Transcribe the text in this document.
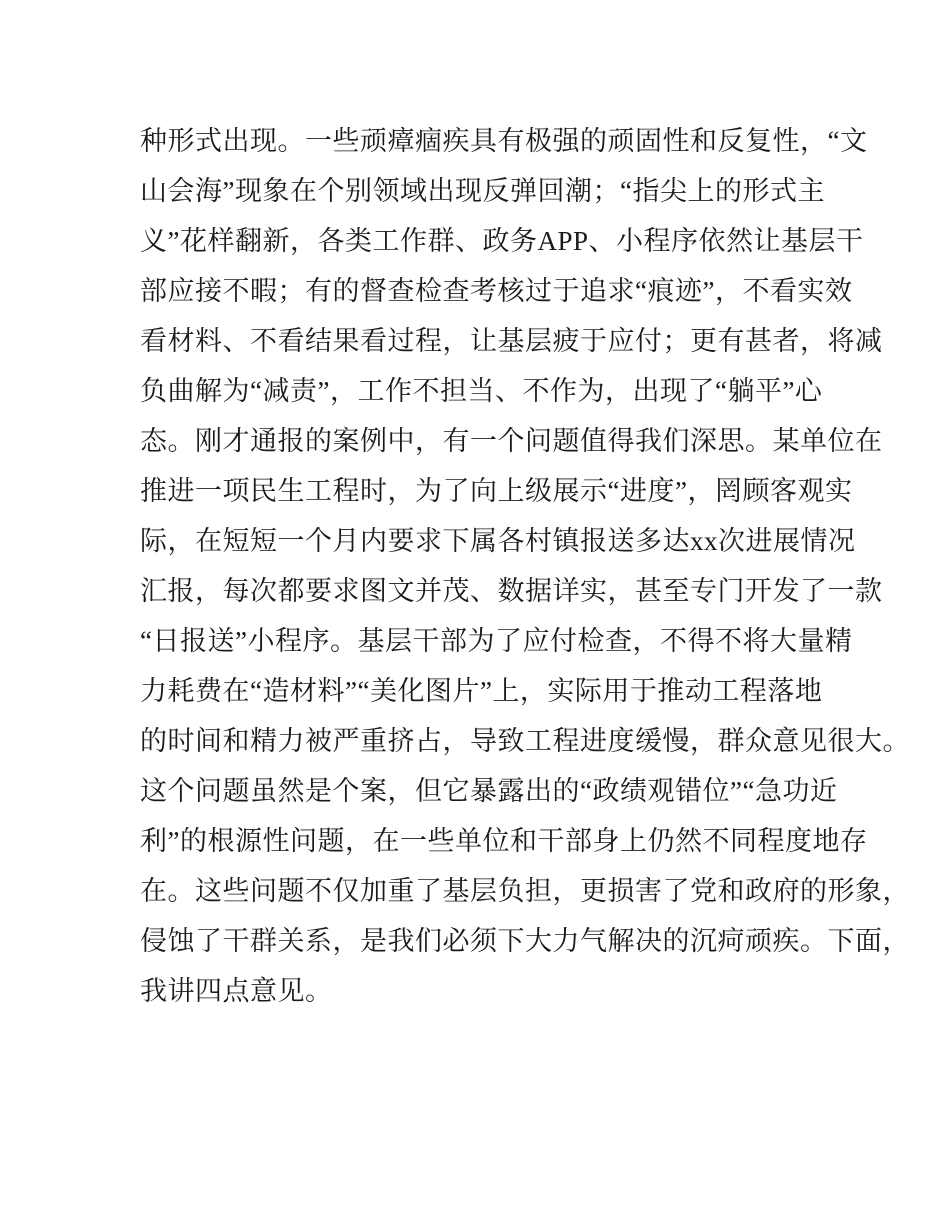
种形式出现。一些顽瘴痼疾具有极强的顽固性和反复性，“文

山会海”现象在个别领域出现反弹回潮；“指尖上的形式主

义”花样翻新，各类工作群、政务APP、小程序依然让基层干

部应接不暇；有的督查检查考核过于追求“痕迹”，不看实效

看材料、不看结果看过程，让基层疲于应付；更有甚者，将减

负曲解为“减责”，工作不担当、不作为，出现了“躺平”心

态。刚才通报的案例中，有一个问题值得我们深思。某单位在

推进一项民生工程时，为了向上级展示“进度”，罔顾客观实

际，在短短一个月内要求下属各村镇报送多达xx次进展情况

汇报，每次都要求图文并茂、数据详实，甚至专门开发了一款

“日报送”小程序。基层干部为了应付检查，不得不将大量精

力耗费在“造材料”“美化图片”上，实际用于推动工程落地

的时间和精力被严重挤占，导致工程进度缓慢，群众意见很大。

这个问题虽然是个案，但它暴露出的“政绩观错位”“急功近

利”的根源性问题，在一些单位和干部身上仍然不同程度地存

在。这些问题不仅加重了基层负担，更损害了党和政府的形象，

侵蚀了干群关系，是我们必须下大力气解决的沉疴顽疾。下面，

我讲四点意见。
